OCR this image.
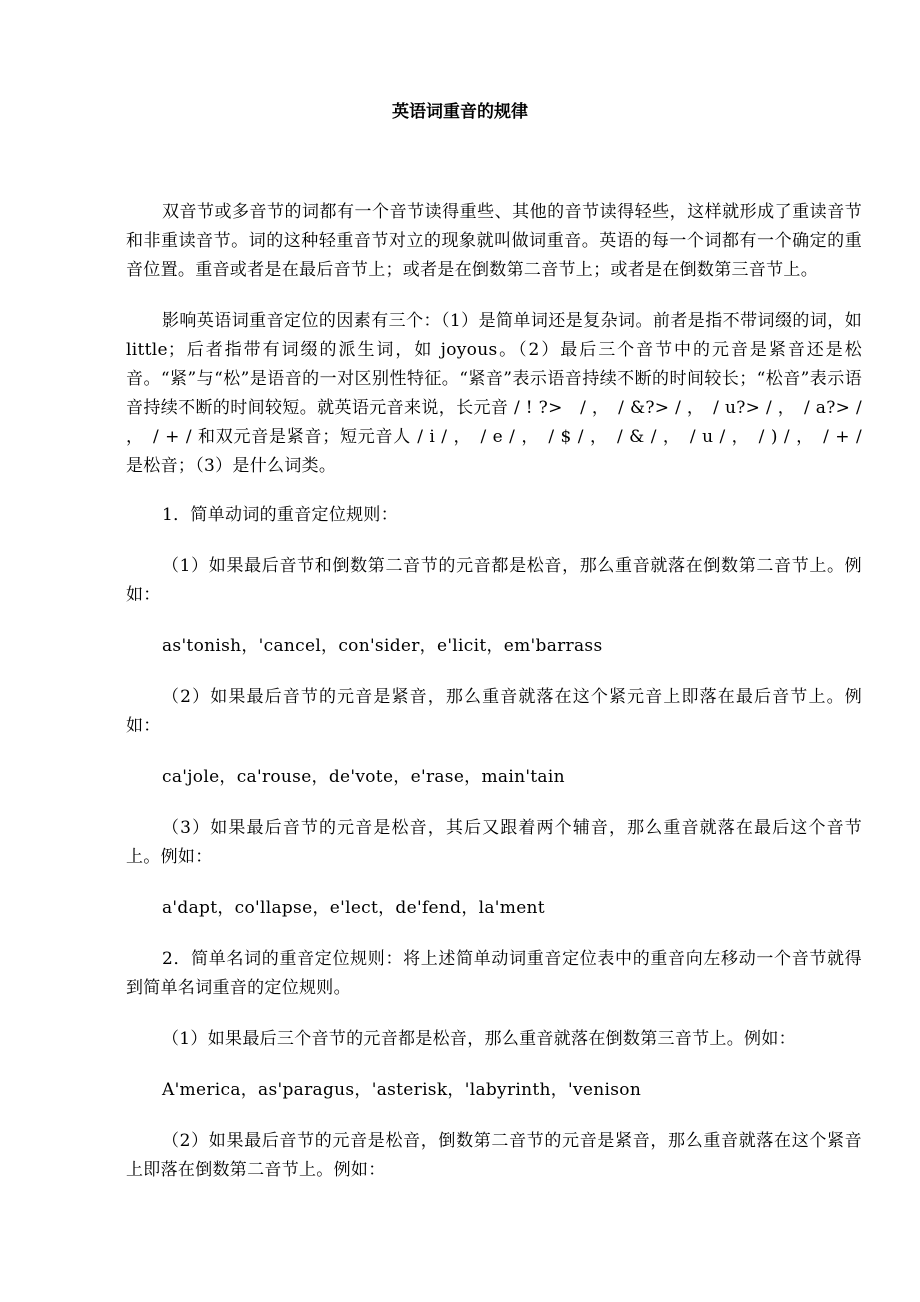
英语词重音的规律

双音节或多音节的词都有一个音节读得重些、其他的音节读得轻些，这样就形成了重读音节和非重读音节。词的这种轻重音节对立的现象就叫做词重音。英语的每一个词都有一个确定的重音位置。重音或者是在最后音节上；或者是在倒数第二音节上；或者是在倒数第三音节上。

影响英语词重音定位的因素有三个：（1）是简单词还是复杂词。前者是指不带词缀的词，如 little；后者指带有词缀的派生词，如 joyous。（2）最后三个音节中的元音是紧音还是松音。“紧”与“松”是语音的一对区别性特征。“紧音”表示语音持续不断的时间较长；“松音”表示语音持续不断的时间较短。就英语元音来说，长元音 / ! ?>　/ ，　/ &?> / ，　/ u?> / ，　/ a?> / ，　/ + / 和双元音是紧音；短元音人 / i / ，　/ e / ，　/ $ / ，　/ & / ，　/ u / ，　/ ) / ，　/ + / 是松音；（3）是什么词类。

1．简单动词的重音定位规则：

（1）如果最后音节和倒数第二音节的元音都是松音，那么重音就落在倒数第二音节上。例如：

as'tonish，'cancel，con'sider，e'licit，em'barrass

（2）如果最后音节的元音是紧音，那么重音就落在这个紧元音上即落在最后音节上。例如：

ca'jole，ca'rouse，de'vote，e'rase，main'tain

（3）如果最后音节的元音是松音，其后又跟着两个辅音，那么重音就落在最后这个音节上。例如：

a'dapt，co'llapse，e'lect，de'fend，la'ment

2．简单名词的重音定位规则：将上述简单动词重音定位表中的重音向左移动一个音节就得到简单名词重音的定位规则。

（1）如果最后三个音节的元音都是松音，那么重音就落在倒数第三音节上。例如：

A'merica，as'paragus，'asterisk，'labyrinth，'venison

（2）如果最后音节的元音是松音，倒数第二音节的元音是紧音，那么重音就落在这个紧音上即落在倒数第二音节上。例如：
